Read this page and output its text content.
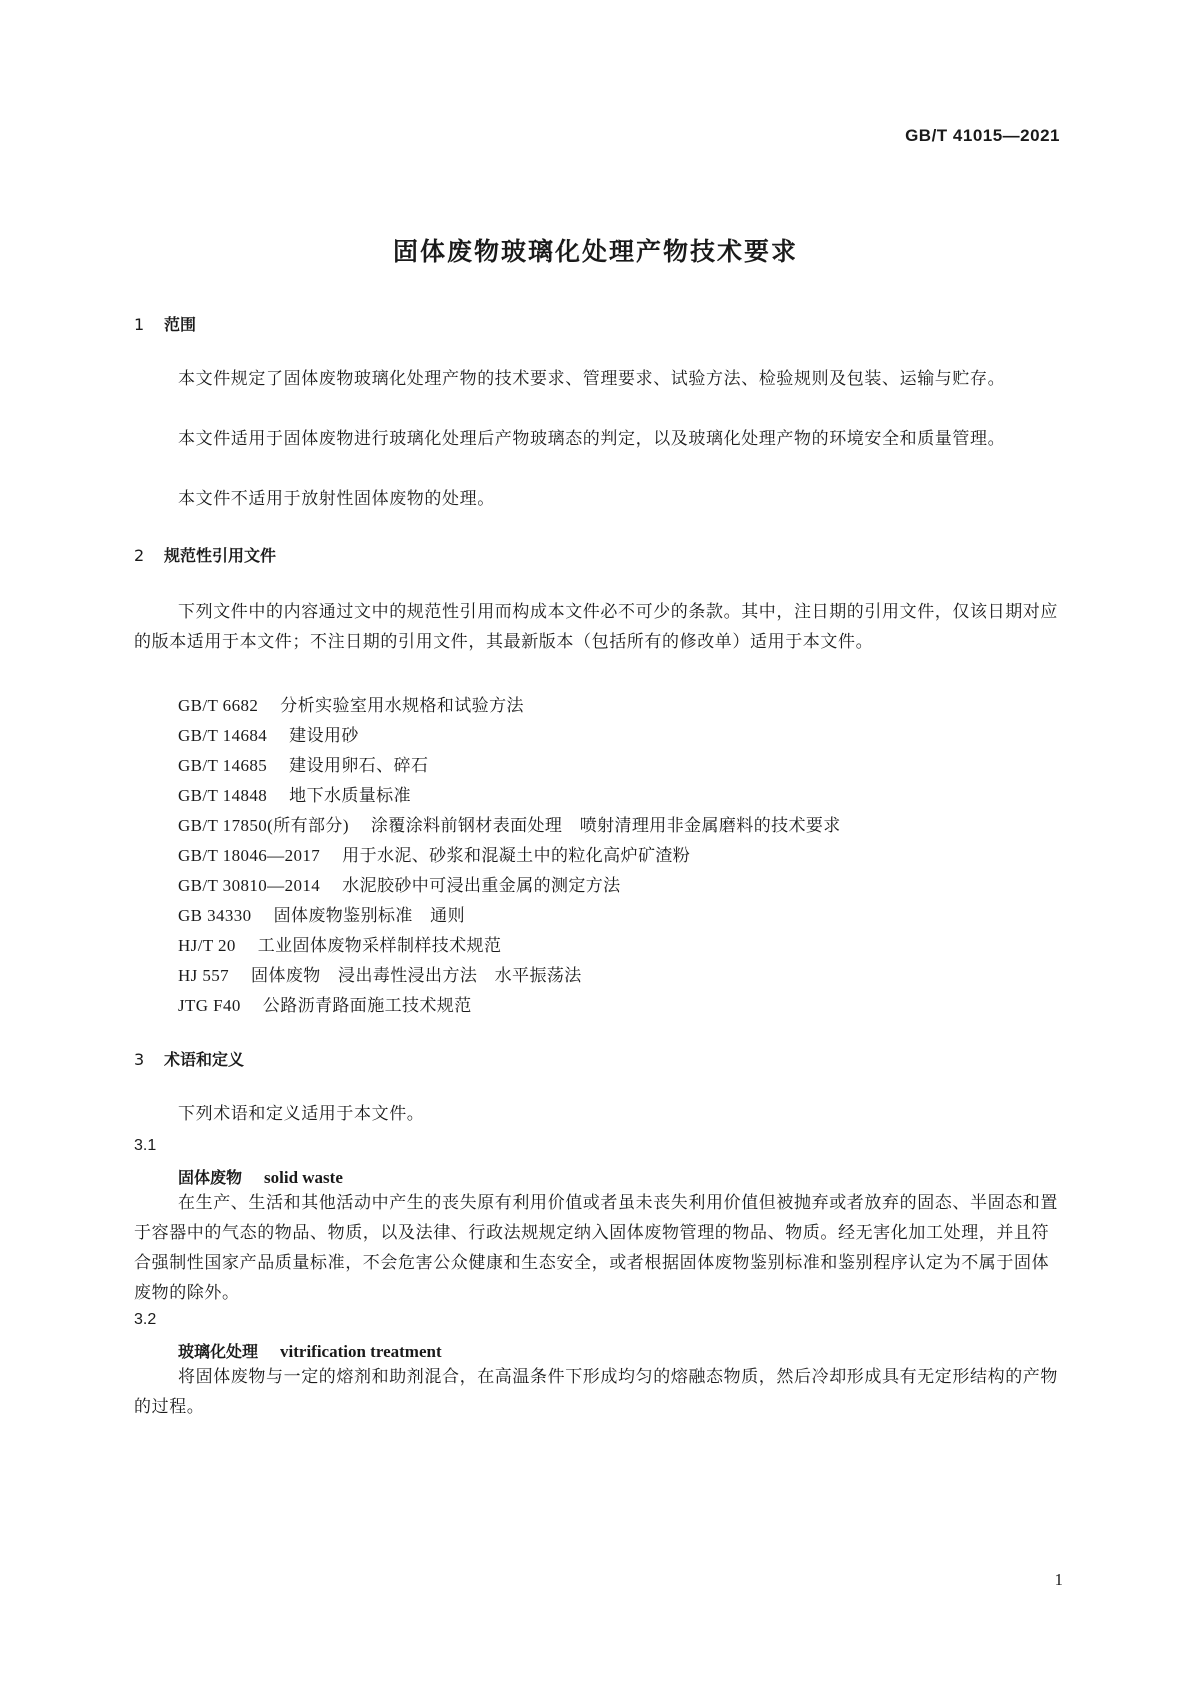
GB/T 41015—2021
固体废物玻璃化处理产物技术要求
1 范围

本文件规定了固体废物玻璃化处理产物的技术要求、管理要求、试验方法、检验规则及包装、运输与贮存。

本文件适用于固体废物进行玻璃化处理后产物玻璃态的判定，以及玻璃化处理产物的环境安全和质量管理。

本文件不适用于放射性固体废物的处理。

2 规范性引用文件

下列文件中的内容通过文中的规范性引用而构成本文件必不可少的条款。其中，注日期的引用文件，仅该日期对应的版本适用于本文件；不注日期的引用文件，其最新版本（包括所有的修改单）适用于本文件。

GB/T 6682 分析实验室用水规格和试验方法
GB/T 14684 建设用砂
GB/T 14685 建设用卵石、碎石
GB/T 14848 地下水质量标准
GB/T 17850(所有部分) 涂覆涂料前钢材表面处理　喷射清理用非金属磨料的技术要求
GB/T 18046—2017 用于水泥、砂浆和混凝土中的粒化高炉矿渣粉
GB/T 30810—2014 水泥胶砂中可浸出重金属的测定方法
GB 34330 固体废物鉴别标准　通则
HJ/T 20 工业固体废物采样制样技术规范
HJ 557 固体废物　浸出毒性浸出方法　水平振荡法
JTG F40 公路沥青路面施工技术规范
3 术语和定义

下列术语和定义适用于本文件。

3.1
固体废物 solid waste

在生产、生活和其他活动中产生的丧失原有利用价值或者虽未丧失利用价值但被抛弃或者放弃的固态、半固态和置于容器中的气态的物品、物质，以及法律、行政法规规定纳入固体废物管理的物品、物质。经无害化加工处理，并且符合强制性国家产品质量标准，不会危害公众健康和生态安全，或者根据固体废物鉴别标准和鉴别程序认定为不属于固体废物的除外。

3.2
玻璃化处理 vitrification treatment

将固体废物与一定的熔剂和助剂混合，在高温条件下形成均匀的熔融态物质，然后冷却形成具有无定形结构的产物的过程。

1
